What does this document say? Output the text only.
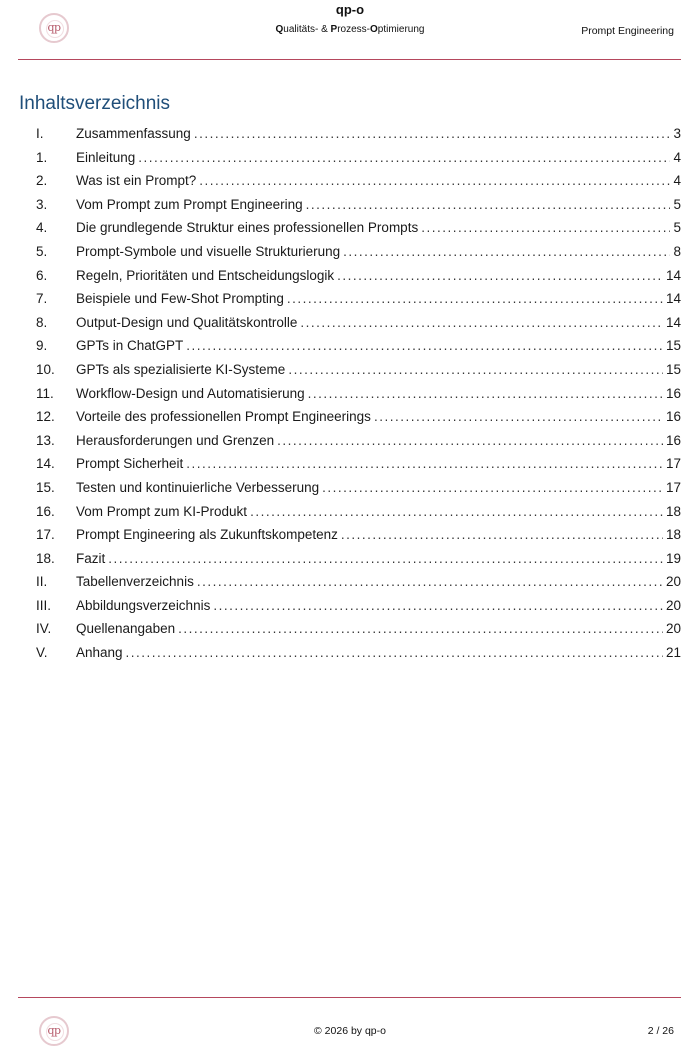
qp
qp-o
Qualitäts- & Prozess-Optimierung	Prompt Engineering
Inhaltsverzeichnis
I.	Zusammenfassung .....	3
1.	Einleitung .....	4
2.	Was ist ein Prompt? .....	4
3.	Vom Prompt zum Prompt Engineering .....	5
4.	Die grundlegende Struktur eines professionellen Prompts .....	5
5.	Prompt-Symbole und visuelle Strukturierung .....	8
6.	Regeln, Prioritäten und Entscheidungslogik .....	14
7.	Beispiele und Few-Shot Prompting .....	14
8.	Output-Design und Qualitätskontrolle .....	14
9.	GPTs in ChatGPT .....	15
10.	GPTs als spezialisierte KI-Systeme .....	15
11.	Workflow-Design und Automatisierung .....	16
12.	Vorteile des professionellen Prompt Engineerings .....	16
13.	Herausforderungen und Grenzen .....	16
14.	Prompt Sicherheit .....	17
15.	Testen und kontinuierliche Verbesserung .....	17
16.	Vom Prompt zum KI-Produkt .....	18
17.	Prompt Engineering als Zukunftskompetenz .....	18
18.	Fazit .....	19
II.	Tabellenverzeichnis .....	20
III.	Abbildungsverzeichnis .....	20
IV.	Quellenangaben .....	20
V.	Anhang .....	21
qp	© 2026 by qp-o	2 / 26
